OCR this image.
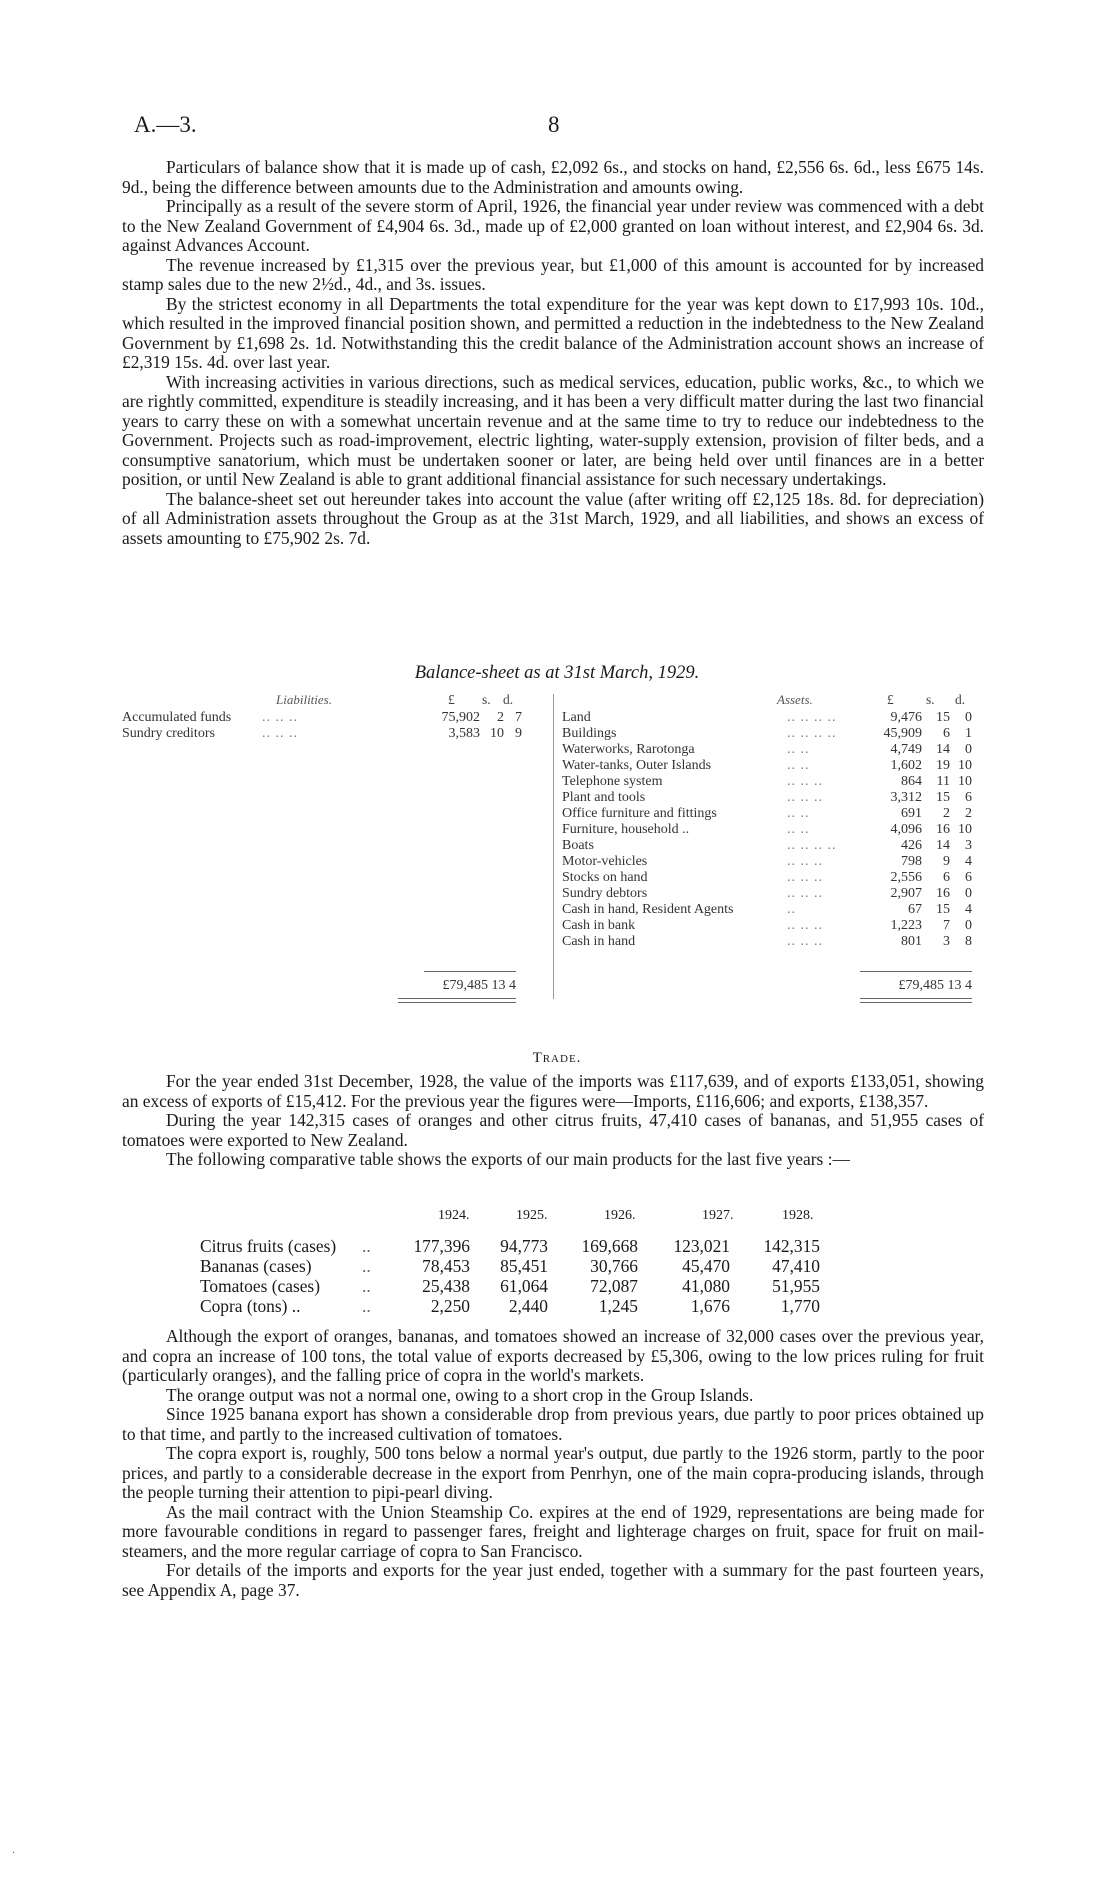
A.—3.	8

Particulars of balance show that it is made up of cash, £2,092 6s., and stocks on hand, £2,556 6s. 6d., less £675 14s. 9d., being the difference between amounts due to the Administration and amounts owing.

Principally as a result of the severe storm of April, 1926, the financial year under review was commenced with a debt to the New Zealand Government of £4,904 6s. 3d., made up of £2,000 granted on loan without interest, and £2,904 6s. 3d. against Advances Account.

The revenue increased by £1,315 over the previous year, but £1,000 of this amount is accounted for by increased stamp sales due to the new 2½d., 4d., and 3s. issues.

By the strictest economy in all Departments the total expenditure for the year was kept down to £17,993 10s. 10d., which resulted in the improved financial position shown, and permitted a reduction in the indebtedness to the New Zealand Government by £1,698 2s. 1d. Notwithstanding this the credit balance of the Administration account shows an increase of £2,319 15s. 4d. over last year.

With increasing activities in various directions, such as medical services, education, public works, &c., to which we are rightly committed, expenditure is steadily increasing, and it has been a very difficult matter during the last two financial years to carry these on with a somewhat uncertain revenue and at the same time to try to reduce our indebtedness to the Government. Projects such as road-improvement, electric lighting, water-supply extension, provision of filter beds, and a consumptive sanatorium, which must be undertaken sooner or later, are being held over until finances are in a better position, or until New Zealand is able to grant additional financial assistance for such necessary undertakings.

The balance-sheet set out hereunder takes into account the value (after writing off £2,125 18s. 8d. for depreciation) of all Administration assets throughout the Group as at the 31st March, 1929, and all liabilities, and shows an excess of assets amounting to £75,902 2s. 7d.

Balance-sheet as at 31st March, 1929.
Liabilities.	Assets.
£ s. d.	£ s. d.
Accumulated funds .. .. ..	75,902	2 7
Sundry creditors	.. .. ..	3,583 10 9
Land	.. .. .. ..	9,476	15	0
Buildings	.. .. .. ..	45,909	6	1
Waterworks, Rarotonga	.. ..	4,749	14	0
Water-tanks, Outer Islands	.. ..	1,602	19 10
Telephone system	.. .. ..	864	11 10
Plant and tools	.. .. ..	3,312	15	6
Office furniture and fittings	.. ..	691	2	2
Furniture, household ..	.. ..	4,096	16 10
Boats	.. .. .. ..	426	14	3
Motor-vehicles	.. .. ..	798	9	4
Stocks on hand	.. .. ..	2,556	6	6
Sundry debtors	.. .. ..	2,907	16	0
Cash in hand, Resident Agents	..	67	15	4
Cash in bank	.. .. ..	1,223	7	0
Cash in hand	.. .. ..	801	3	8
£79,485 13 4	£79,485 13 4
Trade.

For the year ended 31st December, 1928, the value of the imports was £117,639, and of exports £133,051, showing an excess of exports of £15,412. For the previous year the figures were—Imports, £116,606; and exports, £138,357.

During the year 142,315 cases of oranges and other citrus fruits, 47,410 cases of bananas, and 51,955 cases of tomatoes were exported to New Zealand.

The following comparative table shows the exports of our main products for the last five years :—

1924.	1925.	1926.	1927.	1928.
Citrus fruits (cases) ..	177,396	94,773	169,668	123,021	142,315
Bananas (cases)	..	78,453	85,451	30,766	45,470	47,410
Tomatoes (cases) ..	25,438	61,064	72,087	41,080	51,955
Copra (tons) ..	..	2,250	2,440	1,245	1,676	1,770

Although the export of oranges, bananas, and tomatoes showed an increase of 32,000 cases over the previous year, and copra an increase of 100 tons, the total value of exports decreased by £5,306, owing to the low prices ruling for fruit (particularly oranges), and the falling price of copra in the world's markets.

The orange output was not a normal one, owing to a short crop in the Group Islands.

Since 1925 banana export has shown a considerable drop from previous years, due partly to poor prices obtained up to that time, and partly to the increased cultivation of tomatoes.

The copra export is, roughly, 500 tons below a normal year's output, due partly to the 1926 storm, partly to the poor prices, and partly to a considerable decrease in the export from Penrhyn, one of the main copra-producing islands, through the people turning their attention to pipi-pearl diving.

As the mail contract with the Union Steamship Co. expires at the end of 1929, representations are being made for more favourable conditions in regard to passenger fares, freight and lighterage charges on fruit, space for fruit on mail-steamers, and the more regular carriage of copra to San Francisco.

For details of the imports and exports for the year just ended, together with a summary for the past fourteen years, see Appendix A, page 37.

·
